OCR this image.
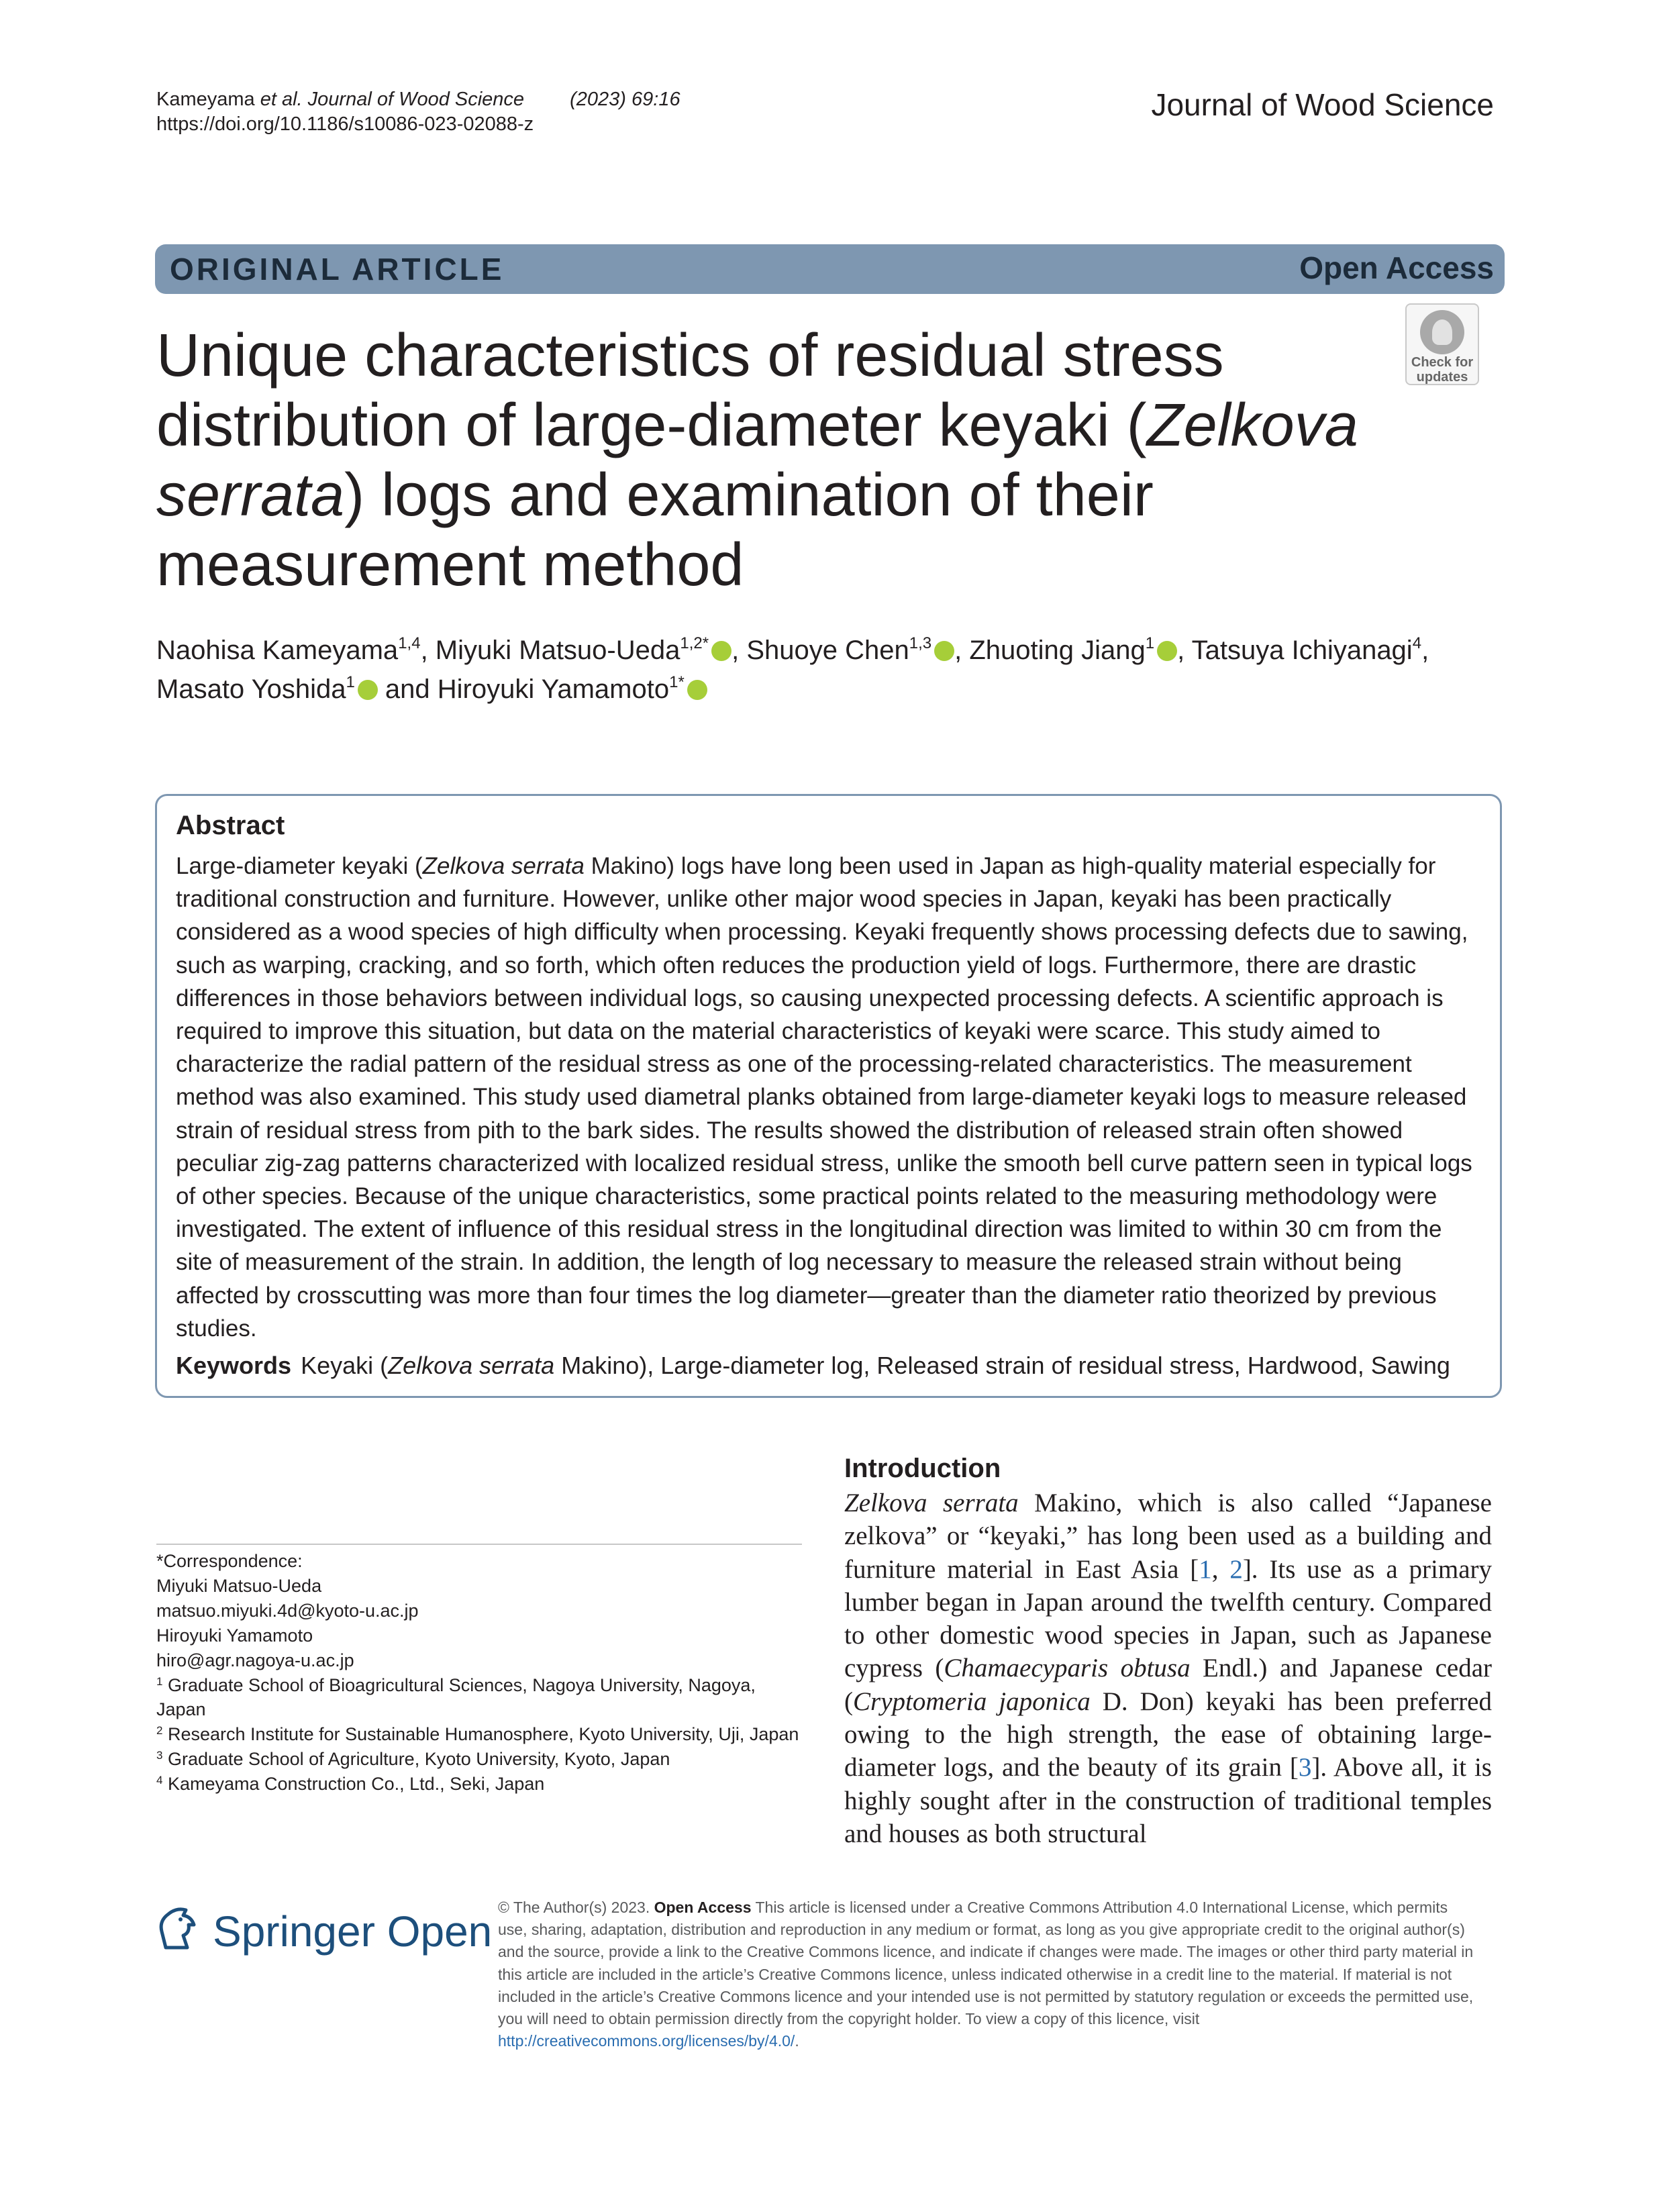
Kameyama et al. Journal of Wood Science (2023) 69:16
https://doi.org/10.1186/s10086-023-02088-z
Journal of Wood Science
ORIGINAL ARTICLE	Open Access
Check for
updates
Unique characteristics of residual stress distribution of large-diameter keyaki (Zelkova serrata) logs and examination of their measurement method
Naohisa Kameyama$^{1,4}$, Miyuki Matsuo-Ueda$^{1,2*}$ , Shuoye Chen$^{1,3}$ , Zhuoting Jiang$^1$ , Tatsuya Ichiyanagi$^4$,
Masato Yoshida$^1$ and Hiroyuki Yamamoto$^{1*}$
Abstract
Large-diameter keyaki (Zelkova serrata Makino) logs have long been used in Japan as high-quality material especially for traditional construction and furniture. However, unlike other major wood species in Japan, keyaki has been practically considered as a wood species of high difficulty when processing. Keyaki frequently shows processing defects due to sawing, such as warping, cracking, and so forth, which often reduces the production yield of logs. Furthermore, there are drastic differences in those behaviors between individual logs, so causing unexpected processing defects. A scientific approach is required to improve this situation, but data on the material characteristics of keyaki were scarce. This study aimed to characterize the radial pattern of the residual stress as one of the processing-related characteristics. The measurement method was also examined. This study used diametral planks obtained from large-diameter keyaki logs to measure released strain of residual stress from pith to the bark sides. The results showed the distribution of released strain often showed peculiar zig-zag patterns characterized with localized residual stress, unlike the smooth bell curve pattern seen in typical logs of other species. Because of the unique characteristics, some practical points related to the measuring methodology were investigated. The extent of influence of this residual stress in the longitudinal direction was limited to within 30 cm from the site of measurement of the strain. In addition, the length of log necessary to measure the released strain without being affected by crosscutting was more than four times the log diameter—greater than the diameter ratio theorized by previous studies.
Keywords Keyaki (Zelkova serrata Makino), Large-diameter log, Released strain of residual stress, Hardwood, Sawing
*Correspondence:
Miyuki Matsuo-Ueda
matsuo.miyuki.4d@kyoto-u.ac.jp
Hiroyuki Yamamoto
hiro@agr.nagoya-u.ac.jp
$^1$ Graduate School of Bioagricultural Sciences, Nagoya University, Nagoya, Japan
$^2$ Research Institute for Sustainable Humanosphere, Kyoto University, Uji, Japan
$^3$ Graduate School of Agriculture, Kyoto University, Kyoto, Japan
$^4$ Kameyama Construction Co., Ltd., Seki, Japan
Introduction
Zelkova serrata Makino, which is also called “Japanese zelkova” or “keyaki,” has long been used as a building and furniture material in East Asia [1, 2]. Its use as a primary lumber began in Japan around the twelfth century. Compared to other domestic wood species in Japan, such as Japanese cypress (Chamaecyparis obtusa Endl.) and Japanese cedar (Cryptomeria japonica D. Don) keyaki has been preferred owing to the high strength, the ease of obtaining large-diameter logs, and the beauty of its grain [3]. Above all, it is highly sought after in the construction of traditional temples and houses as both structural
Springer Open © The Author(s) 2023. Open Access This article is licensed under a Creative Commons Attribution 4.0 International License, which permits use, sharing, adaptation, distribution and reproduction in any medium or format, as long as you give appropriate credit to the original author(s) and the source, provide a link to the Creative Commons licence, and indicate if changes were made. The images or other third party material in this article are included in the article’s Creative Commons licence, unless indicated otherwise in a credit line to the material. If material is not included in the article’s Creative Commons licence and your intended use is not permitted by statutory regulation or exceeds the permitted use, you will need to obtain permission directly from the copyright holder. To view a copy of this licence, visit http://creativecommons.org/licenses/by/4.0/.
